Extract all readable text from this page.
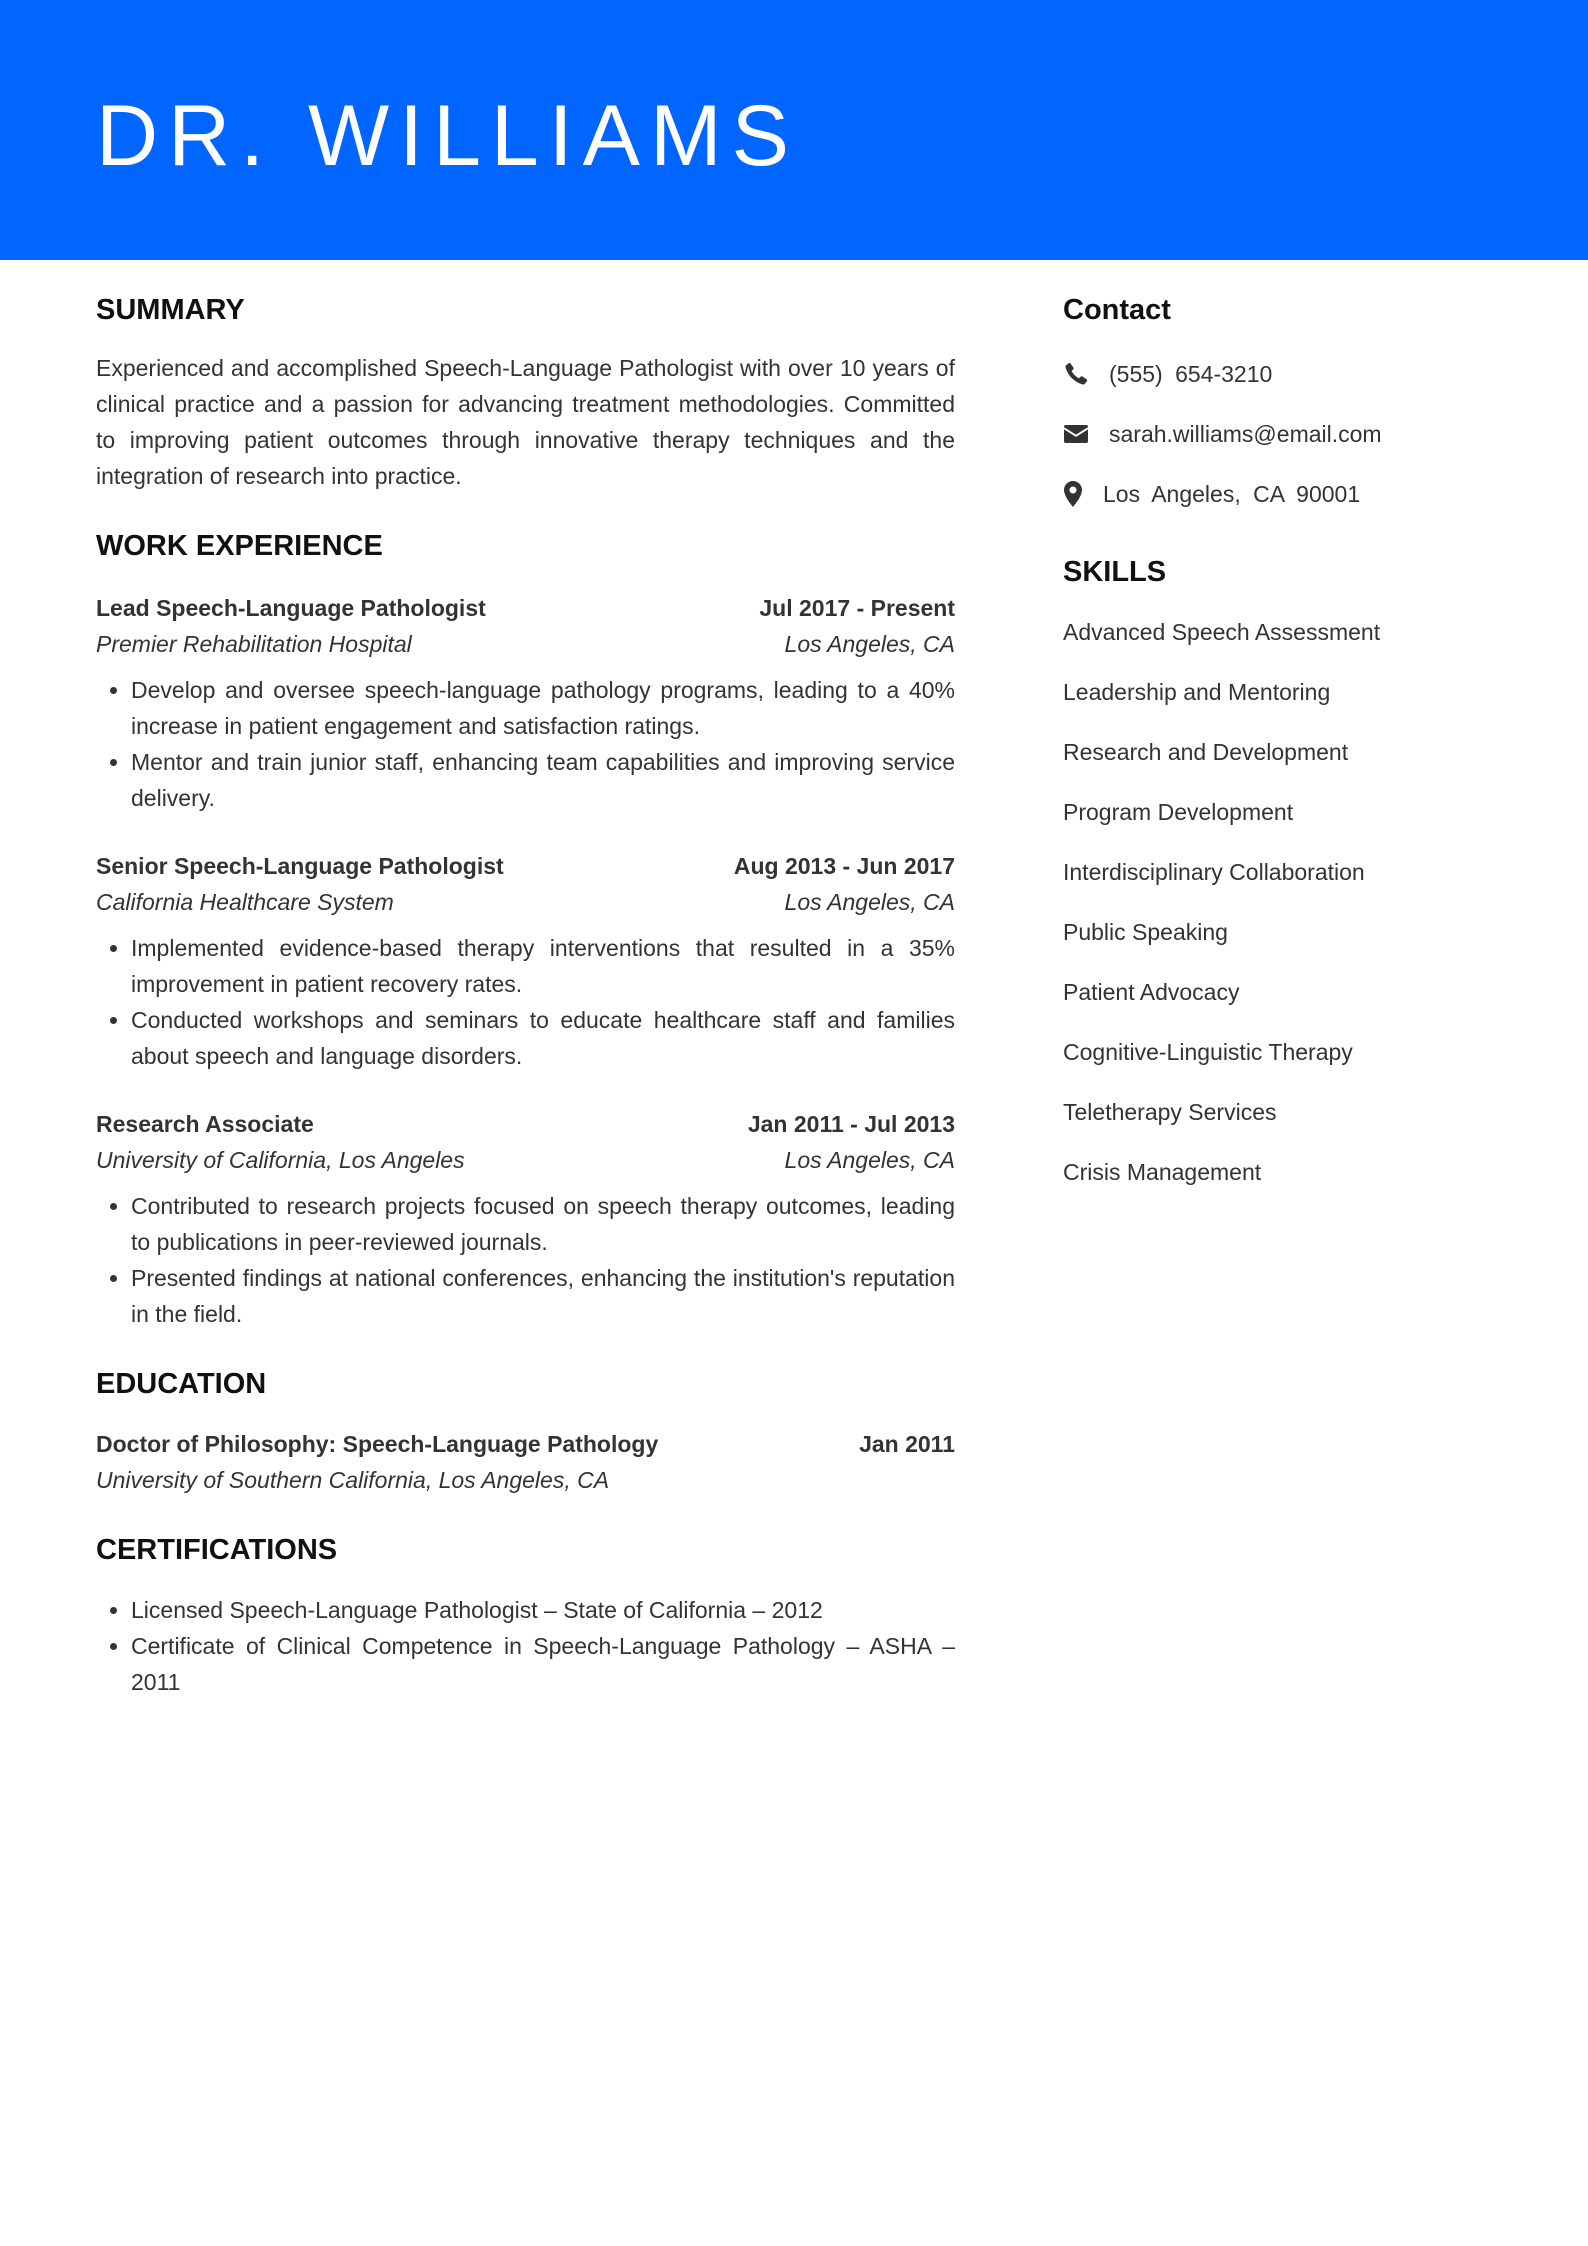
DR. WILLIAMS
SUMMARY

Experienced and accomplished Speech-Language Pathologist with over 10 years of clinical practice and a passion for advancing treatment methodologies. Committed to improving patient outcomes through innovative therapy techniques and the integration of research into practice.

WORK EXPERIENCE
Lead Speech-Language Pathologist	Jul 2017 - Present
Premier Rehabilitation Hospital	Los Angeles, CA
• Develop and oversee speech-language pathology programs, leading to a 40% increase in patient engagement and satisfaction ratings.
• Mentor and train junior staff, enhancing team capabilities and improving service delivery.
Senior Speech-Language Pathologist	Aug 2013 - Jun 2017
California Healthcare System	Los Angeles, CA
• Implemented evidence-based therapy interventions that resulted in a 35% improvement in patient recovery rates.
• Conducted workshops and seminars to educate healthcare staff and families about speech and language disorders.
Research Associate	Jan 2011 - Jul 2013
University of California, Los Angeles	Los Angeles, CA
• Contributed to research projects focused on speech therapy outcomes, leading to publications in peer-reviewed journals.
• Presented findings at national conferences, enhancing the institution's reputation in the field.
EDUCATION
Doctor of Philosophy: Speech-Language Pathology	Jan 2011
University of Southern California, Los Angeles, CA
CERTIFICATIONS
• Licensed Speech-Language Pathologist – State of California – 2012
• Certificate of Clinical Competence in Speech-Language Pathology – ASHA – 2011
Contact
(555) 654-3210
sarah.williams@email.com
Los Angeles, CA 90001
SKILLS
Advanced Speech Assessment
Leadership and Mentoring
Research and Development
Program Development
Interdisciplinary Collaboration
Public Speaking
Patient Advocacy
Cognitive-Linguistic Therapy
Teletherapy Services
Crisis Management
